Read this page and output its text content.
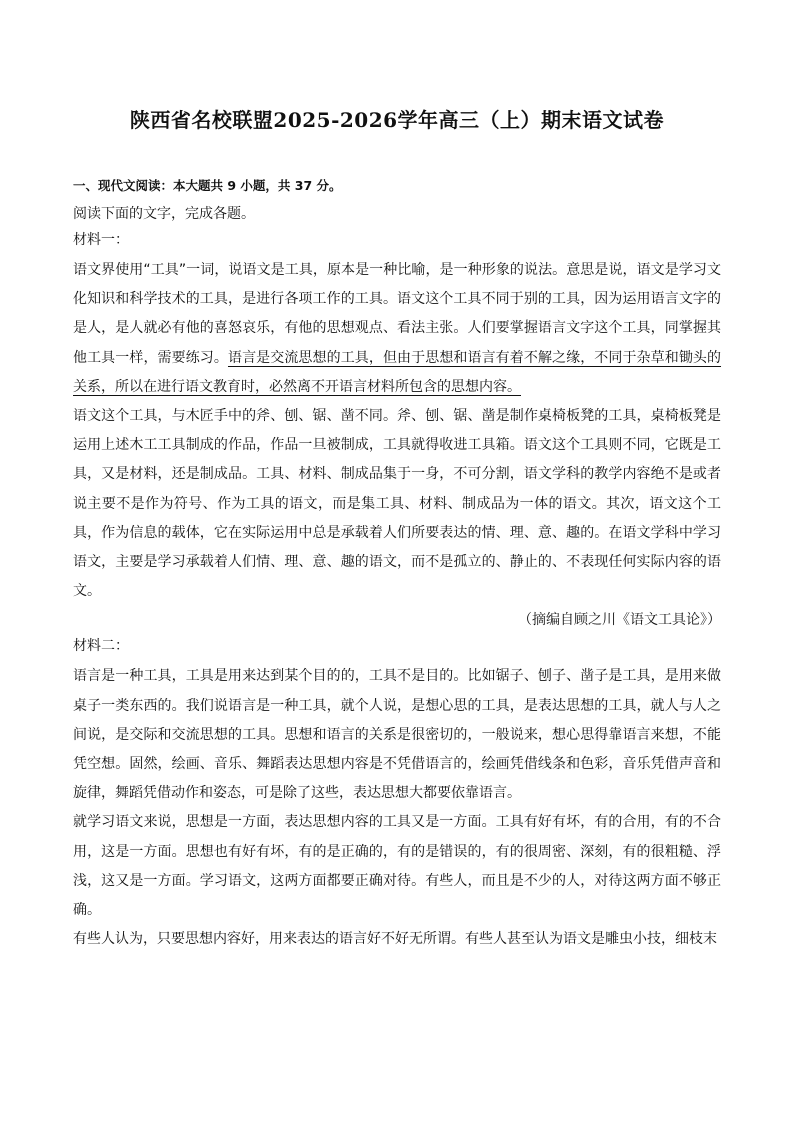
陕西省名校联盟2025-2026学年高三（上）期末语文试卷
一、现代文阅读：本大题共 9 小题，共 37 分。

阅读下面的文字，完成各题。

材料一：

语文界使用“工具”一词，说语文是工具，原本是一种比喻，是一种形象的说法。意思是说，语文是学习文化知识和科学技术的工具，是进行各项工作的工具。语文这个工具不同于别的工具，因为运用语言文字的是人，是人就必有他的喜怒哀乐，有他的思想观点、看法主张。人们要掌握语言文字这个工具，同掌握其他工具一样，需要练习。语言是交流思想的工具，但由于思想和语言有着不解之缘，不同于杂草和锄头的关系，所以在进行语文教育时，必然离不开语言材料所包含的思想内容。

语文这个工具，与木匠手中的斧、刨、锯、凿不同。斧、刨、锯、凿是制作桌椅板凳的工具，桌椅板凳是运用上述木工工具制成的作品，作品一旦被制成，工具就得收进工具箱。语文这个工具则不同，它既是工具，又是材料，还是制成品。工具、材料、制成品集于一身，不可分割，语文学科的教学内容绝不是或者说主要不是作为符号、作为工具的语文，而是集工具、材料、制成品为一体的语文。其次，语文这个工具，作为信息的载体，它在实际运用中总是承载着人们所要表达的情、理、意、趣的。在语文学科中学习语文，主要是学习承载着人们情、理、意、趣的语文，而不是孤立的、静止的、不表现任何实际内容的语文。

（摘编自顾之川《语文工具论》）

材料二：

语言是一种工具，工具是用来达到某个目的的，工具不是目的。比如锯子、刨子、凿子是工具，是用来做桌子一类东西的。我们说语言是一种工具，就个人说，是想心思的工具，是表达思想的工具，就人与人之间说，是交际和交流思想的工具。思想和语言的关系是很密切的，一般说来，想心思得靠语言来想，不能凭空想。固然，绘画、音乐、舞蹈表达思想内容是不凭借语言的，绘画凭借线条和色彩，音乐凭借声音和旋律，舞蹈凭借动作和姿态，可是除了这些，表达思想大都要依靠语言。

就学习语文来说，思想是一方面，表达思想内容的工具又是一方面。工具有好有坏，有的合用，有的不合用，这是一方面。思想也有好有坏，有的是正确的，有的是错误的，有的很周密、深刻，有的很粗糙、浮浅，这又是一方面。学习语文，这两方面都要正确对待。有些人，而且是不少的人，对待这两方面不够正确。

有些人认为，只要思想内容好，用来表达的语言好不好无所谓。有些人甚至认为语文是雕虫小技，细枝末
